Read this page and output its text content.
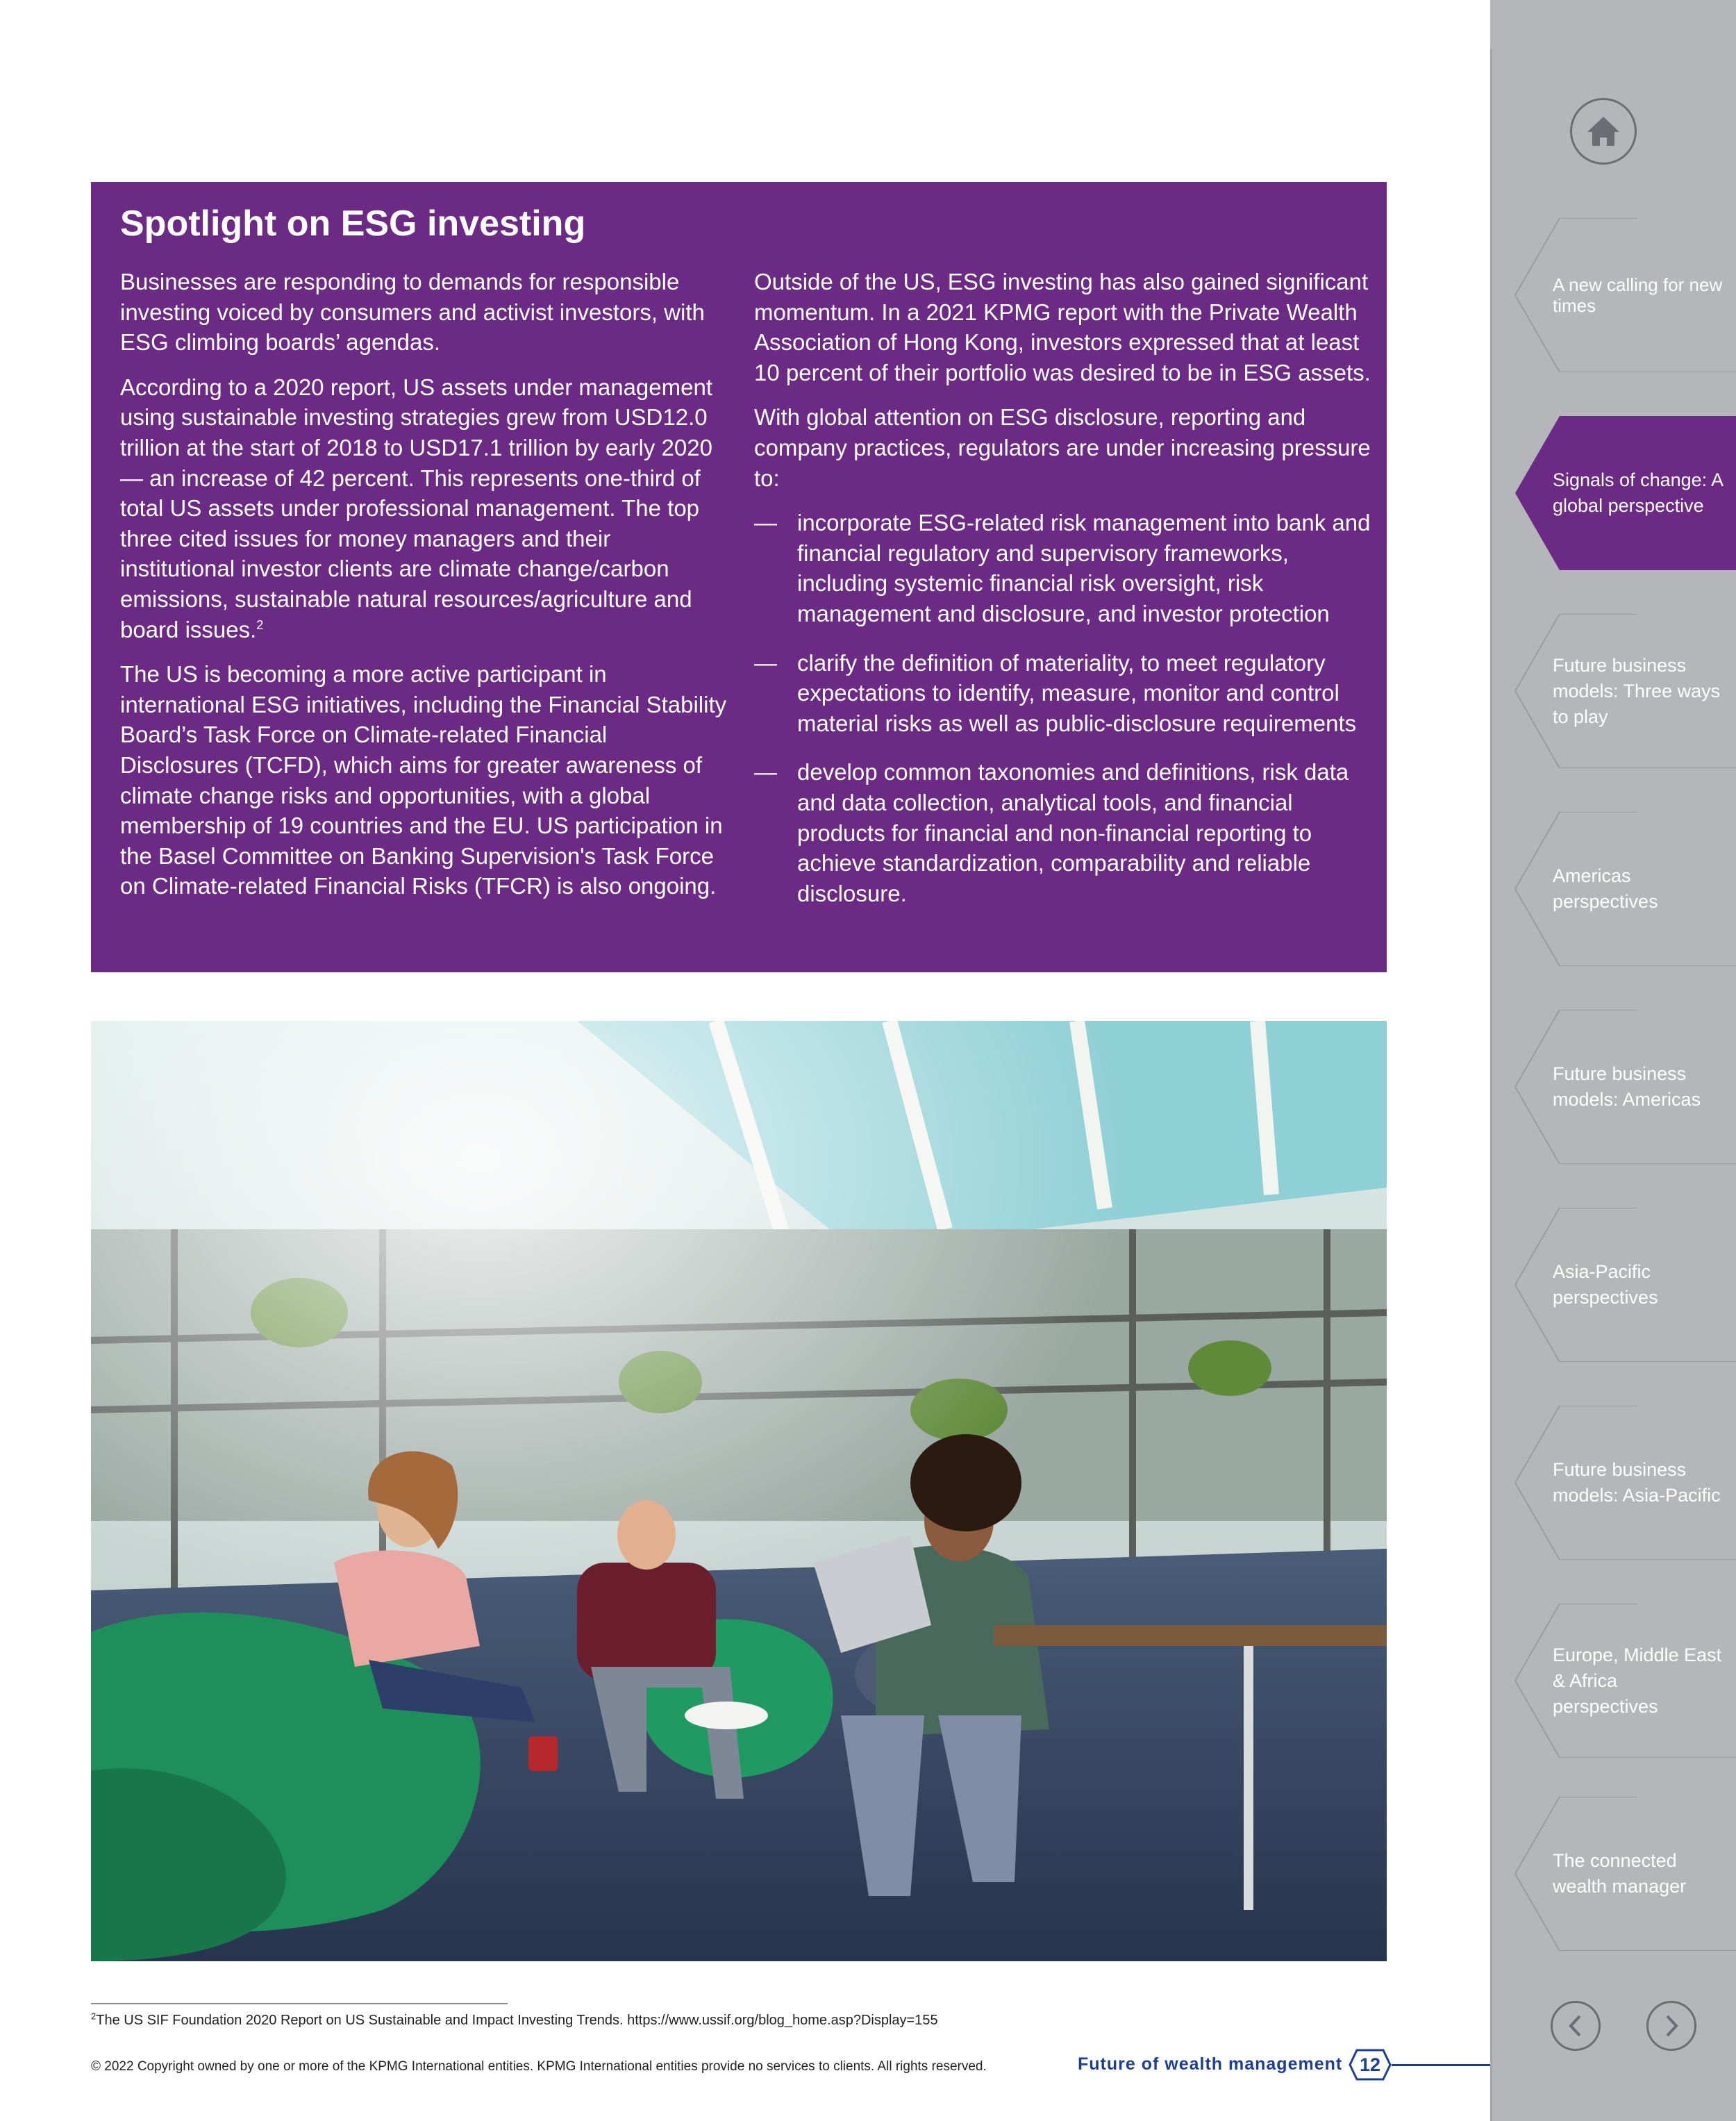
A new calling for new times
Signals of change: A global perspective
Future business models: Three ways to play
Americas perspectives
Future business models: Americas
Asia-Pacific perspectives
Future business models: Asia-Pacific
Europe, Middle East & Africa perspectives
The connected wealth manager
Spotlight on ESG investing

Businesses are responding to demands for responsible investing voiced by consumers and activist investors, with ESG climbing boards’ agendas.

According to a 2020 report, US assets under management using sustainable investing strategies grew from USD12.0 trillion at the start of 2018 to USD17.1 trillion by early 2020 — an increase of 42 percent. This represents one-third of total US assets under professional management. The top three cited issues for money managers and their institutional investor clients are climate change/carbon emissions, sustainable natural resources/agriculture and board issues.$^2$

The US is becoming a more active participant in international ESG initiatives, including the Financial Stability Board’s Task Force on Climate-related Financial Disclosures (TCFD), which aims for greater awareness of climate change risks and opportunities, with a global membership of 19 countries and the EU. US participation in the Basel Committee on Banking Supervision's Task Force on Climate-related Financial Risks (TFCR) is also ongoing.

Outside of the US, ESG investing has also gained significant momentum. In a 2021 KPMG report with the Private Wealth Association of Hong Kong, investors expressed that at least 10 percent of their portfolio was desired to be in ESG assets.

With global attention on ESG disclosure, reporting and company practices, regulators are under increasing pressure to:

— incorporate ESG-related risk management into bank and financial regulatory and supervisory frameworks, including systemic financial risk oversight, risk management and disclosure, and investor protection
— clarify the definition of materiality, to meet regulatory expectations to identify, measure, monitor and control material risks as well as public-disclosure requirements
— develop common taxonomies and definitions, risk data and data collection, analytical tools, and financial products for financial and non-financial reporting to achieve standardization, comparability and reliable disclosure.
$^2$The US SIF Foundation 2020 Report on US Sustainable and Impact Investing Trends. https://www.ussif.org/blog_home.asp?Display=155
© 2022 Copyright owned by one or more of the KPMG International entities. KPMG International entities provide no services to clients. All rights reserved.	Future of wealth management 12
